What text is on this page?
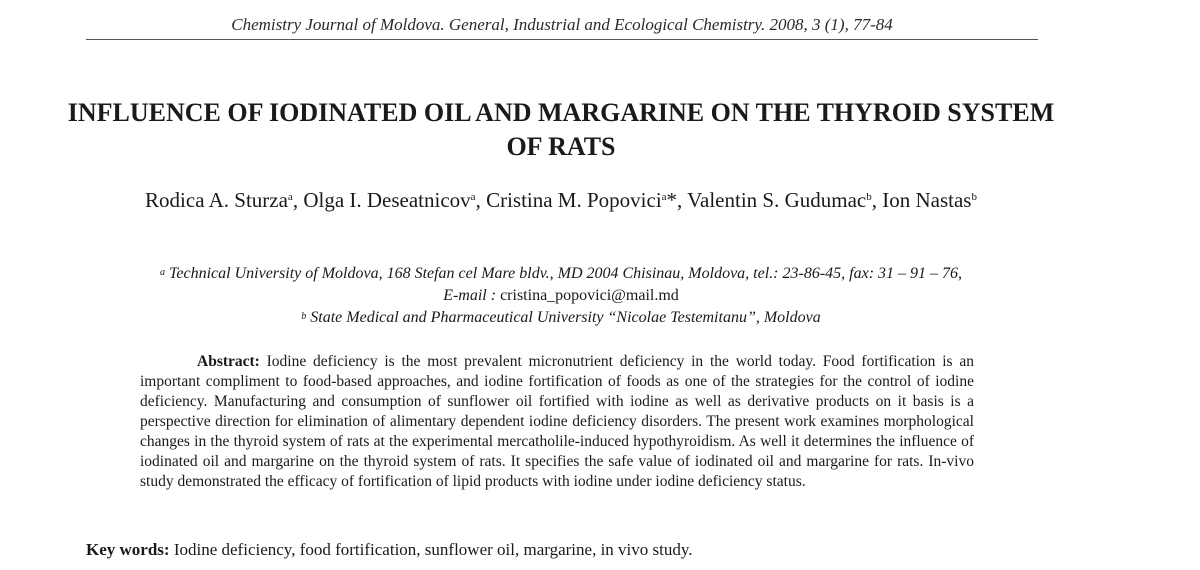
Chemistry Journal of Moldova. General, Industrial and Ecological Chemistry. 2008, 3 (1), 77-84
INFLUENCE OF IODINATED OIL AND MARGARINE ON THE THYROID SYSTEM OF RATS
Rodica A. Sturza$^a$, Olga I. Deseatnicov$^a$, Cristina M. Popovici$^a$*, Valentin S. Gudumac$^b$, Ion Nastas$^b$
$^a$ Technical University of Moldova, 168 Stefan cel Mare bldv., MD 2004 Chisinau, Moldova, tel.: 23-86-45, fax: 31 – 91 – 76,
E-mail : cristina_popovici@mail.md
$^b$ State Medical and Pharmaceutical University “Nicolae Testemitanu”, Moldova
Abstract: Iodine deficiency is the most prevalent micronutrient deficiency in the world today. Food fortification is an important compliment to food-based approaches, and iodine fortification of foods as one of the strategies for the control of iodine deficiency. Manufacturing and consumption of sunflower oil fortified with iodine as well as derivative products on it basis is a perspective direction for elimination of alimentary dependent iodine deficiency disorders. The present work examines morphological changes in the thyroid system of rats at the experimental mercatholile-induced hypothyroidism. As well it determines the influence of iodinated oil and margarine on the thyroid system of rats. It specifies the safe value of iodinated oil and margarine for rats. In-vivo study demonstrated the efficacy of fortification of lipid products with iodine under iodine deficiency status.
Key words: Iodine deficiency, food fortification, sunflower oil, margarine, in vivo study.
